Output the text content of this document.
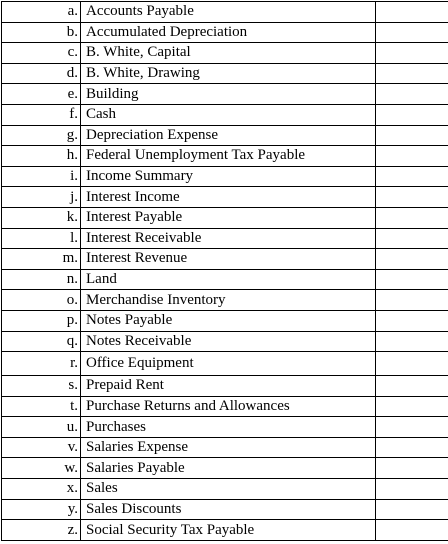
a.	Accounts Payable	
b.	Accumulated Depreciation	
c.	B. White, Capital	
d.	B. White, Drawing	
e.	Building	
f.	Cash	
g.	Depreciation Expense	
h.	Federal Unemployment Tax Payable	
i.	Income Summary	
j.	Interest Income	
k.	Interest Payable	
l.	Interest Receivable	
m.	Interest Revenue	
n.	Land	
o.	Merchandise Inventory	
p.	Notes Payable	
q.	Notes Receivable	
r.	Office Equipment	
s.	Prepaid Rent	
t.	Purchase Returns and Allowances	
u.	Purchases	
v.	Salaries Expense	
w.	Salaries Payable	
x.	Sales	
y.	Sales Discounts	
z.	Social Security Tax Payable	
